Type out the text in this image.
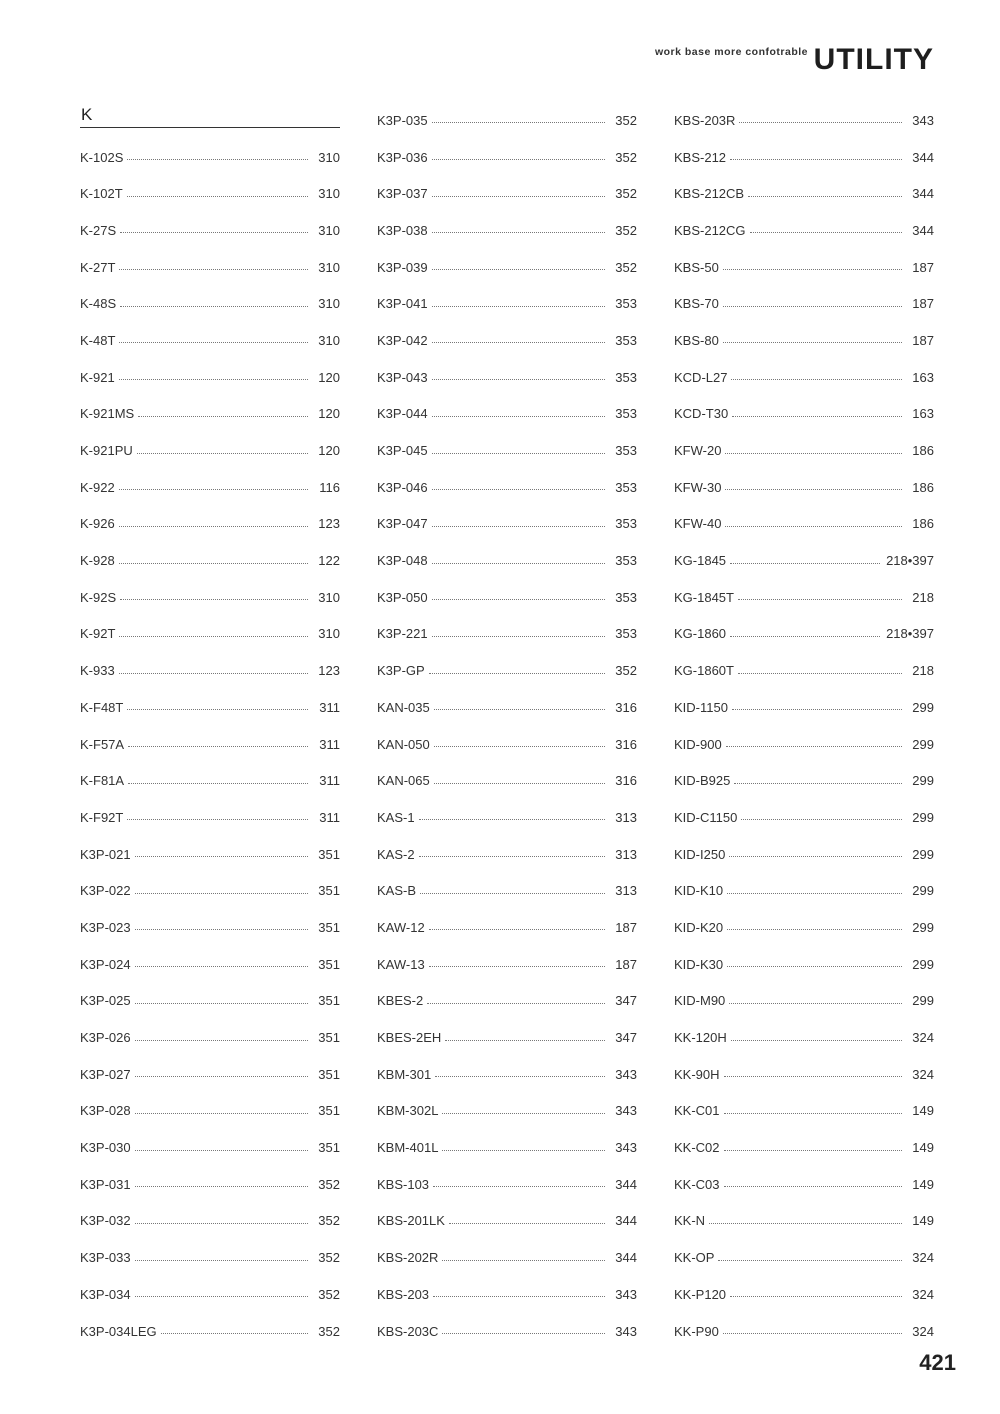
work base more confotrable UTILITY
K
K-102S	310
K-102T	310
K-27S	310
K-27T	310
K-48S	310
K-48T	310
K-921	120
K-921MS	120
K-921PU	120
K-922	116
K-926	123
K-928	122
K-92S	310
K-92T	310
K-933	123
K-F48T	311
K-F57A	311
K-F81A	311
K-F92T	311
K3P-021	351
K3P-022	351
K3P-023	351
K3P-024	351
K3P-025	351
K3P-026	351
K3P-027	351
K3P-028	351
K3P-030	351
K3P-031	352
K3P-032	352
K3P-033	352
K3P-034	352
K3P-034LEG	352
K3P-035	352
K3P-036	352
K3P-037	352
K3P-038	352
K3P-039	352
K3P-041	353
K3P-042	353
K3P-043	353
K3P-044	353
K3P-045	353
K3P-046	353
K3P-047	353
K3P-048	353
K3P-050	353
K3P-221	353
K3P-GP	352
KAN-035	316
KAN-050	316
KAN-065	316
KAS-1	313
KAS-2	313
KAS-B	313
KAW-12	187
KAW-13	187
KBES-2	347
KBES-2EH	347
KBM-301	343
KBM-302L	343
KBM-401L	343
KBS-103	344
KBS-201LK	344
KBS-202R	344
KBS-203	343
KBS-203C	343
KBS-203R	343
KBS-212	344
KBS-212CB	344
KBS-212CG	344
KBS-50	187
KBS-70	187
KBS-80	187
KCD-L27	163
KCD-T30	163
KFW-20	186
KFW-30	186
KFW-40	186
KG-1845	218•397
KG-1845T	218
KG-1860	218•397
KG-1860T	218
KID-1150	299
KID-900	299
KID-B925	299
KID-C1150	299
KID-I250	299
KID-K10	299
KID-K20	299
KID-K30	299
KID-M90	299
KK-120H	324
KK-90H	324
KK-C01	149
KK-C02	149
KK-C03	149
KK-N	149
KK-OP	324
KK-P120	324
KK-P90	324
421
